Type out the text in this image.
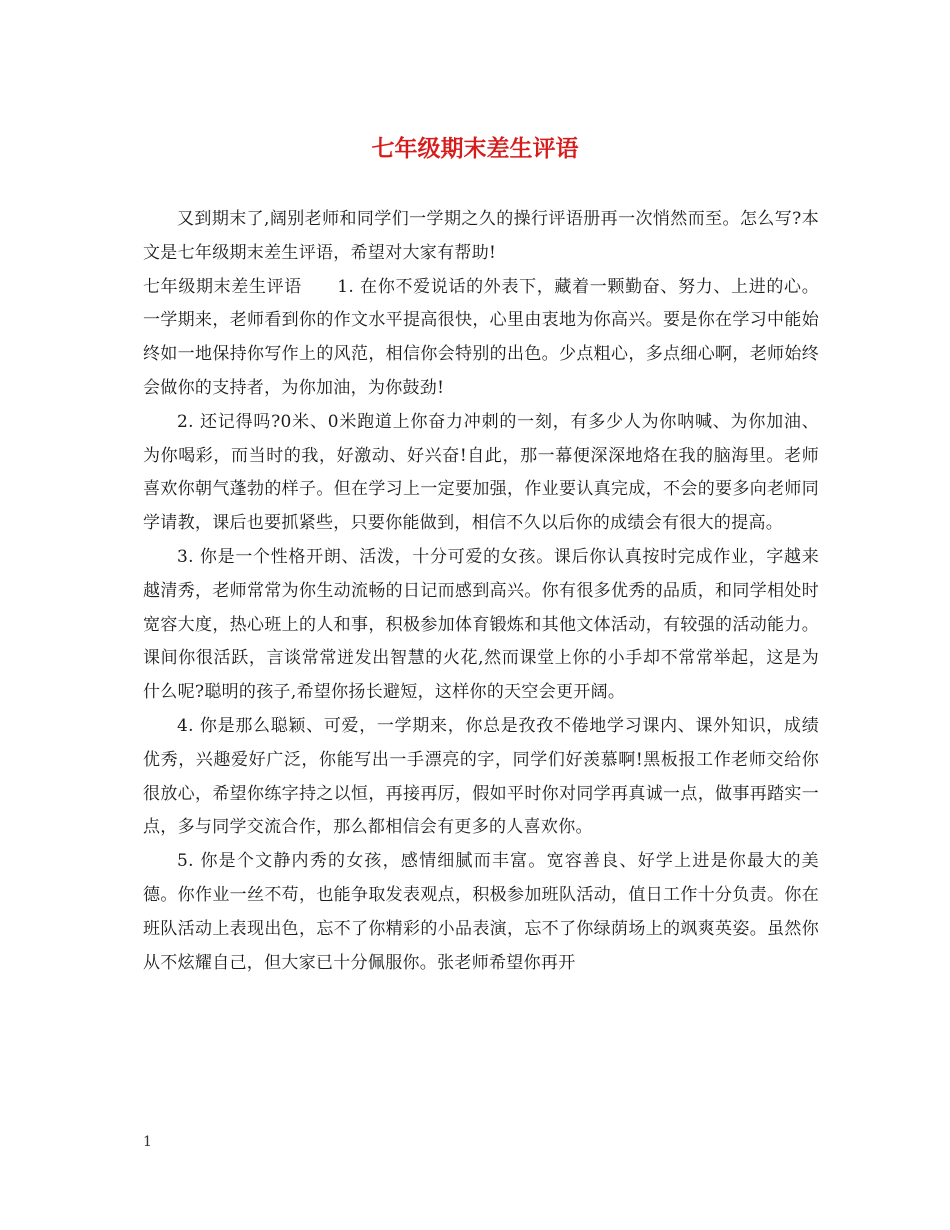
七年级期末差生评语

又到期末了,阔别老师和同学们一学期之久的操行评语册再一次悄然而至。怎么写?本文是七年级期末差生评语，希望对大家有帮助!

七年级期末差生评语　　1. 在你不爱说话的外表下，藏着一颗勤奋、努力、上进的心。 一学期来，老师看到你的作文水平提高很快，心里由衷地为你高兴。要是你在学习中能始终如一地保持你写作上的风范，相信你会特别的出色。少点粗心，多点细心啊，老师始终会做你的支持者，为你加油，为你鼓劲!

2. 还记得吗?0米、0米跑道上你奋力冲刺的一刻，有多少人为你呐喊、为你加油、为你喝彩，而当时的我，好激动、好兴奋!自此，那一幕便深深地烙在我的脑海里。老师喜欢你朝气蓬勃的样子。但在学习上一定要加强，作业要认真完成，不会的要多向老师同学请教，课后也要抓紧些，只要你能做到，相信不久以后你的成绩会有很大的提高。

3. 你是一个性格开朗、活泼，十分可爱的女孩。课后你认真按时完成作业，字越来越清秀，老师常常为你生动流畅的日记而感到高兴。你有很多优秀的品质，和同学相处时宽容大度，热心班上的人和事，积极参加体育锻炼和其他文体活动，有较强的活动能力。课间你很活跃，言谈常常迸发出智慧的火花,然而课堂上你的小手却不常常举起，这是为什么呢?聪明的孩子,希望你扬长避短，这样你的天空会更开阔。

4. 你是那么聪颖、可爱，一学期来，你总是孜孜不倦地学习课内、课外知识，成绩优秀，兴趣爱好广泛，你能写出一手漂亮的字，同学们好羡慕啊!黑板报工作老师交给你很放心，希望你练字持之以恒，再接再厉，假如平时你对同学再真诚一点，做事再踏实一点，多与同学交流合作，那么都相信会有更多的人喜欢你。

5. 你是个文静内秀的女孩，感情细腻而丰富。宽容善良、好学上进是你最大的美德。你作业一丝不苟，也能争取发表观点，积极参加班队活动，值日工作十分负责。你在班队活动上表现出色，忘不了你精彩的小品表演，忘不了你绿荫场上的飒爽英姿。虽然你从不炫耀自己，但大家已十分佩服你。张老师希望你再开

1
